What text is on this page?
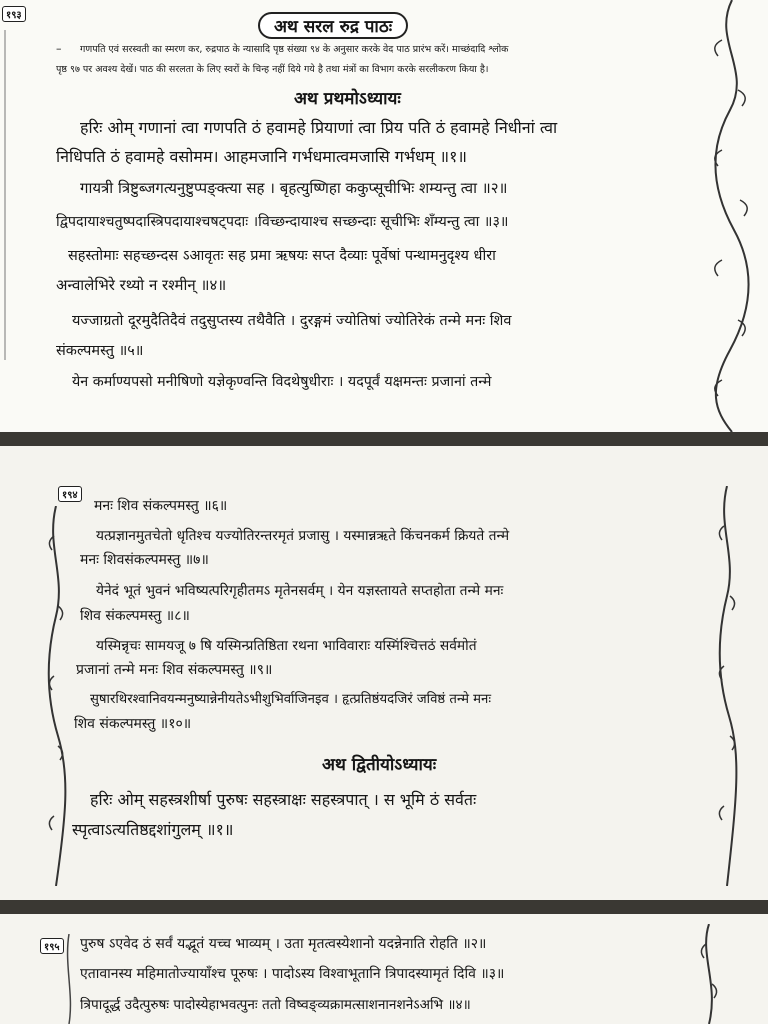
१९३
अथ सरल रुद्र पाठः
– गणपति एवं सरस्वती का स्मरण कर, रुद्रपाठ के न्यासादि पृष्ठ संख्या ९४ के अनुसार करके वेद पाठ प्रारंभ करें। माच्छंदादि श्लोक
पृष्ठ ९७ पर अवश्य देखें। पाठ की सरलता के लिए स्वरों के चिन्ह नहीं दिये गये है तथा मंत्रों का विभाग करके सरलीकरण किया है।
अथ प्रथमोऽध्यायः
हरिः ओम् गणानां त्वा गणपति ठं हवामहे प्रियाणां त्वा प्रिय पति ठं हवामहे निधीनां त्वा
निधिपति ठं हवामहे वसोमम। आहमजानि गर्भधमात्वमजासि गर्भधम् ॥१॥
गायत्री त्रिष्टुब्जगत्यनुष्टुप्पङ्क्त्या सह । बृहत्युष्णिहा ककुप्सूचीभिः शम्यन्तु त्वा ॥२॥
द्विपदायाश्चतुष्पदास्त्रिपदायाश्चषट्पदाः ।विच्छन्दायाश्च सच्छन्दाः सूचीभिः शँम्यन्तु त्वा ॥३॥
सहस्तोमाः सहच्छन्दस ऽआवृतः सह प्रमा ऋषयः सप्त दैव्याः पूर्वेषां पन्थामनुदृश्य धीरा
अन्वालेभिरे रथ्यो न रश्मीन् ॥४॥
यज्जाग्रतो दूरमुदैतिदैवं तदुसुप्तस्य तथैवैति । दुरङ्गमं ज्योतिषां ज्योतिरेकं तन्मे मनः शिव
संकल्पमस्तु ॥५॥
येन कर्माण्यपसो मनीषिणो यज्ञेकृण्वन्ति विदथेषुधीराः । यदपूर्वं यक्षमन्तः प्रजानां तन्मे
१९४
मनः शिव संकल्पमस्तु ॥६॥
यत्प्रज्ञानमुतचेतो धृतिश्च यज्योतिरन्तरमृतं प्रजासु । यस्मान्नऋते किंचनकर्म क्रियते तन्मे
मनः शिवसंकल्पमस्तु ॥७॥
येनेदं भूतं भुवनं भविष्यत्परिगृहीतमऽ मृतेनसर्वम् । येन यज्ञस्तायते सप्तहोता तन्मे मनः
शिव संकल्पमस्तु ॥८॥
यस्मिन्नृचः सामयजू ७ षि यस्मिन्प्रतिष्ठिता रथना भाविवाराः यस्मिंश्चित्तठं सर्वमोतं
प्रजानां तन्मे मनः शिव संकल्पमस्तु ॥९॥
सुषारथिरश्वानिवयन्मनुष्यान्नेनीयतेऽभीशुभिर्वाजिनइव । हृत्प्रतिष्ठंयदजिरं जविष्ठं तन्मे मनः
शिव संकल्पमस्तु ॥१०॥
अथ द्वितीयोऽध्यायः
हरिः ओम् सहस्त्रशीर्षा पुरुषः सहस्त्राक्षः सहस्त्रपात् । स भूमि ठं सर्वतः
स्पृत्वाऽत्यतिष्ठद्दशांगुलम् ॥१॥
१९५ पुरुष ऽएवेद ठं सर्वं यद्भूतं यच्च भाव्यम् । उता मृतत्वस्येशानो यदन्नेनाति रोहति ॥२॥
एतावानस्य महिमातोज्यायाँश्च पूरुषः । पादोऽस्य विश्वाभूतानि त्रिपादस्यामृतं दिवि ॥३॥
त्रिपादूर्द्ध उदैत्पुरुषः पादोस्येहाभवत्पुनः ततो विष्वङ्व्यक्रामत्साशनानशनेऽअभि ॥४॥
